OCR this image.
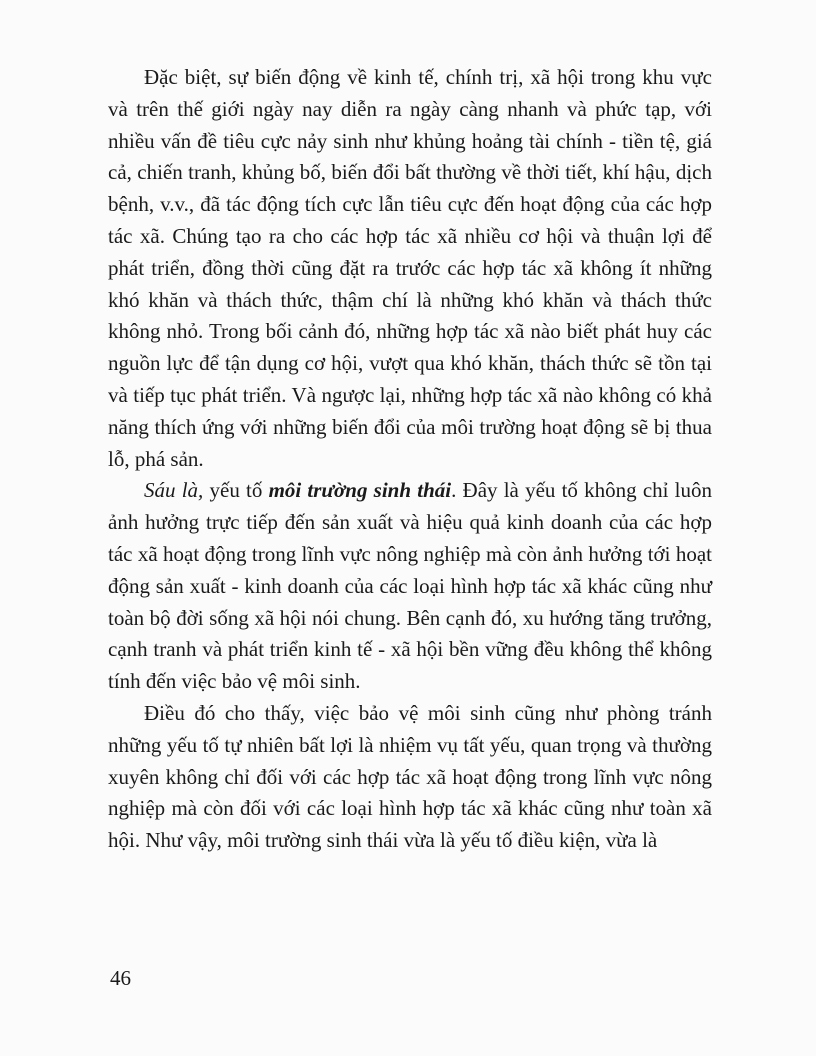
Đặc biệt, sự biến động về kinh tế, chính trị, xã hội trong khu vực và trên thế giới ngày nay diễn ra ngày càng nhanh và phức tạp, với nhiều vấn đề tiêu cực nảy sinh như khủng hoảng tài chính - tiền tệ, giá cả, chiến tranh, khủng bố, biến đổi bất thường về thời tiết, khí hậu, dịch bệnh, v.v., đã tác động tích cực lẫn tiêu cực đến hoạt động của các hợp tác xã. Chúng tạo ra cho các hợp tác xã nhiều cơ hội và thuận lợi để phát triển, đồng thời cũng đặt ra trước các hợp tác xã không ít những khó khăn và thách thức, thậm chí là những khó khăn và thách thức không nhỏ. Trong bối cảnh đó, những hợp tác xã nào biết phát huy các nguồn lực để tận dụng cơ hội, vượt qua khó khăn, thách thức sẽ tồn tại và tiếp tục phát triển. Và ngược lại, những hợp tác xã nào không có khả năng thích ứng với những biến đổi của môi trường hoạt động sẽ bị thua lỗ, phá sản.

Sáu là, yếu tố môi trường sinh thái. Đây là yếu tố không chỉ luôn ảnh hưởng trực tiếp đến sản xuất và hiệu quả kinh doanh của các hợp tác xã hoạt động trong lĩnh vực nông nghiệp mà còn ảnh hưởng tới hoạt động sản xuất - kinh doanh của các loại hình hợp tác xã khác cũng như toàn bộ đời sống xã hội nói chung. Bên cạnh đó, xu hướng tăng trưởng, cạnh tranh và phát triển kinh tế - xã hội bền vững đều không thể không tính đến việc bảo vệ môi sinh.

Điều đó cho thấy, việc bảo vệ môi sinh cũng như phòng tránh những yếu tố tự nhiên bất lợi là nhiệm vụ tất yếu, quan trọng và thường xuyên không chỉ đối với các hợp tác xã hoạt động trong lĩnh vực nông nghiệp mà còn đối với các loại hình hợp tác xã khác cũng như toàn xã hội. Như vậy, môi trường sinh thái vừa là yếu tố điều kiện, vừa là

46
